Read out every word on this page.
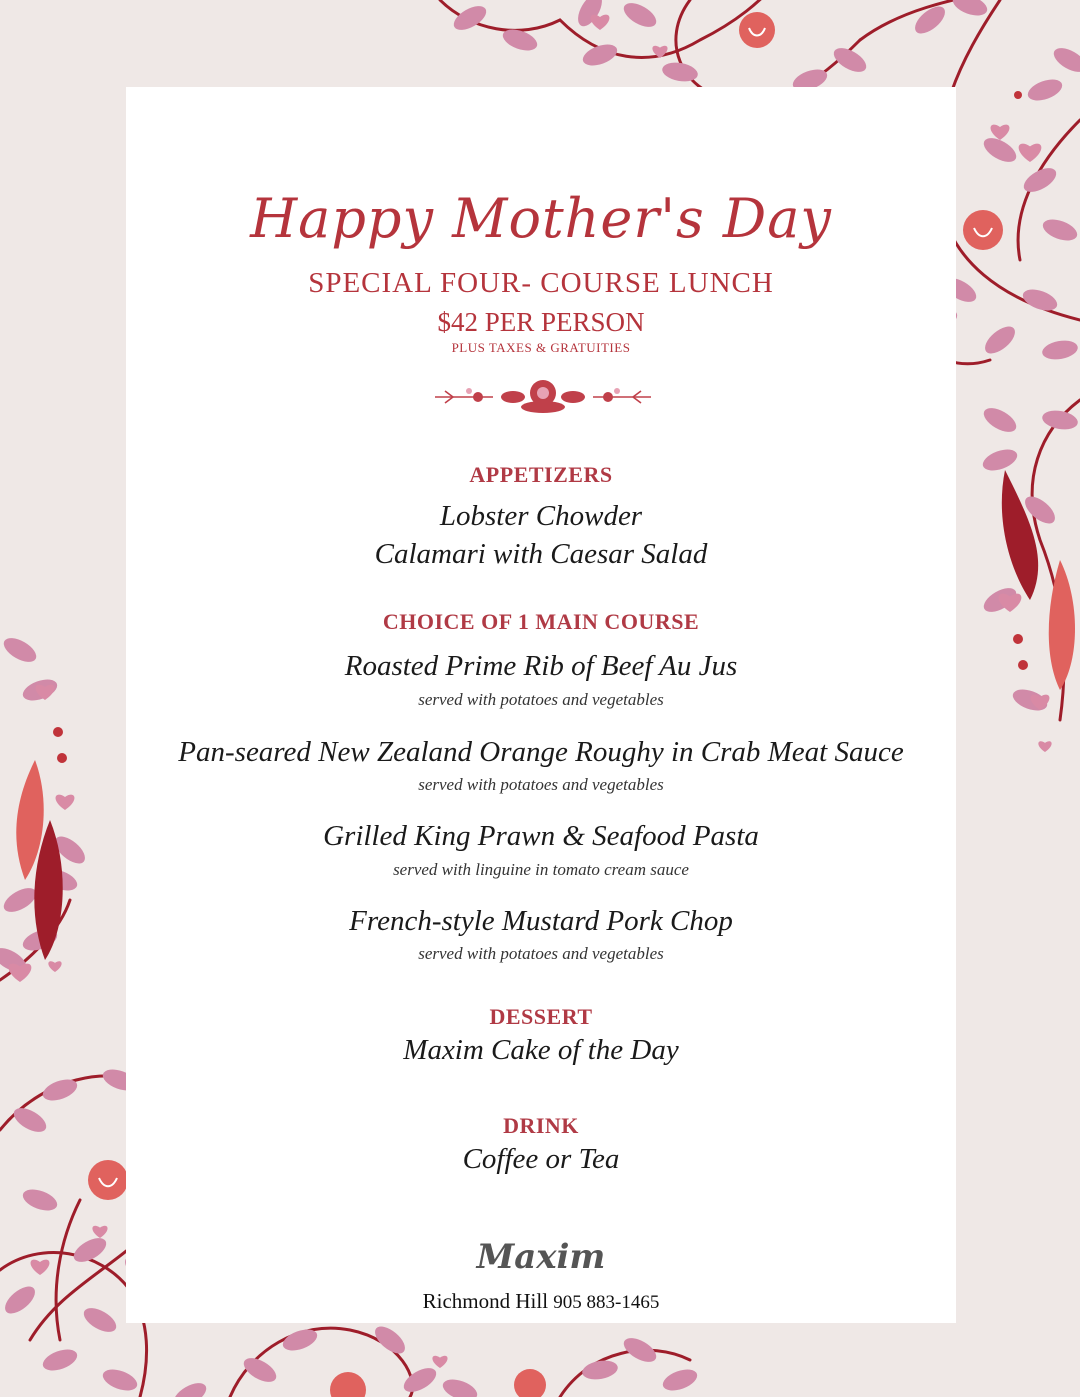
Happy Mother's Day
SPECIAL FOUR- COURSE LUNCH
$42 PER PERSON
PLUS TAXES & GRATUITIES
APPETIZERS
Lobster Chowder
Calamari with Caesar Salad
CHOICE OF 1 MAIN COURSE
Roasted Prime Rib of Beef Au Jus
served with potatoes and vegetables
Pan-seared New Zealand Orange Roughy in Crab Meat Sauce
served with potatoes and vegetables
Grilled King Prawn & Seafood Pasta
served with linguine in tomato cream sauce
French-style Mustard Pork Chop
served with potatoes and vegetables
DESSERT
Maxim Cake of the Day
DRINK
Coffee or Tea
Maxim
Richmond Hill 905 883-1465
